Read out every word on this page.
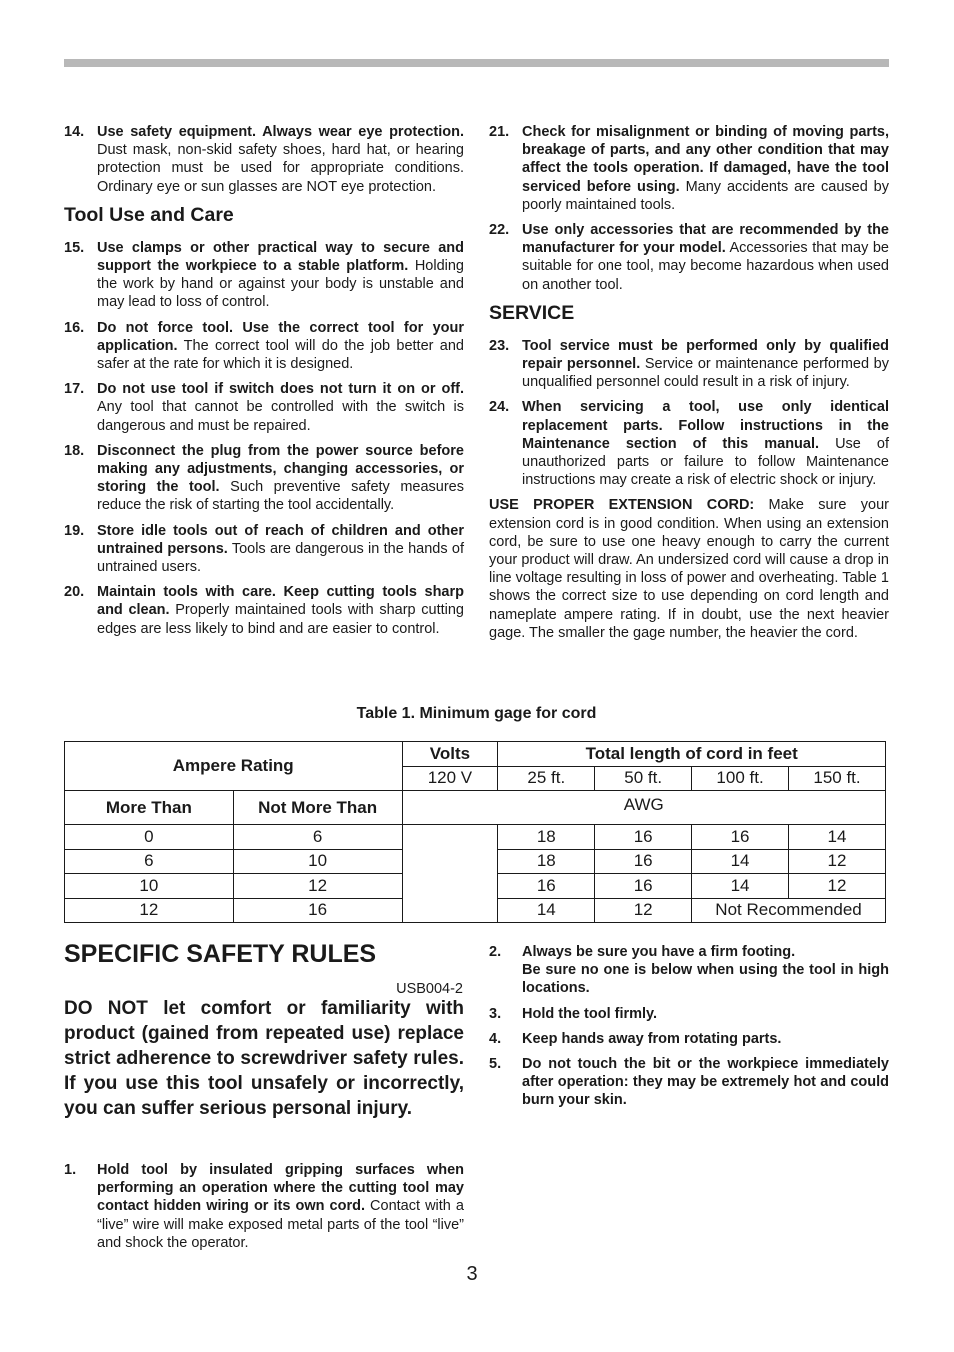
14. Use safety equipment. Always wear eye protection. Dust mask, non-skid safety shoes, hard hat, or hearing protection must be used for appropriate conditions. Ordinary eye or sun glasses are NOT eye protection.
Tool Use and Care
15. Use clamps or other practical way to secure and support the workpiece to a stable platform. Holding the work by hand or against your body is unstable and may lead to loss of control.
16. Do not force tool. Use the correct tool for your application. The correct tool will do the job better and safer at the rate for which it is designed.
17. Do not use tool if switch does not turn it on or off. Any tool that cannot be controlled with the switch is dangerous and must be repaired.
18. Disconnect the plug from the power source before making any adjustments, changing accessories, or storing the tool. Such preventive safety measures reduce the risk of starting the tool accidentally.
19. Store idle tools out of reach of children and other untrained persons. Tools are dangerous in the hands of untrained users.
20. Maintain tools with care. Keep cutting tools sharp and clean. Properly maintained tools with sharp cutting edges are less likely to bind and are easier to control.
21. Check for misalignment or binding of moving parts, breakage of parts, and any other condition that may affect the tools operation. If damaged, have the tool serviced before using. Many accidents are caused by poorly maintained tools.
22. Use only accessories that are recommended by the manufacturer for your model. Accessories that may be suitable for one tool, may become hazardous when used on another tool.
SERVICE
23. Tool service must be performed only by qualified repair personnel. Service or maintenance performed by unqualified personnel could result in a risk of injury.
24. When servicing a tool, use only identical replacement parts. Follow instructions in the Maintenance section of this manual. Use of unauthorized parts or failure to follow Maintenance instructions may create a risk of electric shock or injury.
USE PROPER EXTENSION CORD: Make sure your extension cord is in good condition. When using an extension cord, be sure to use one heavy enough to carry the current your product will draw. An undersized cord will cause a drop in line voltage resulting in loss of power and overheating. Table 1 shows the correct size to use depending on cord length and nameplate ampere rating. If in doubt, use the next heavier gage. The smaller the gage number, the heavier the cord.
Table 1. Minimum gage for cord
Ampere Rating		Volts	Total length of cord in feet			
		120 V	25 ft.	50 ft.	100 ft.	150 ft.
More Than	Not More Than	AWG				
0	6		18	16	16	14
6	10		18	16	14	12
10	12		16	16	14	12
12	16		14	12	Not Recommended	
SPECIFIC SAFETY RULES
USB004-2
DO NOT let comfort or familiarity with product (gained from repeated use) replace strict adherence to screwdriver safety rules. If you use this tool unsafely or incorrectly, you can suffer serious personal injury.
1.	Hold tool by insulated gripping surfaces when performing an operation where the cutting tool may contact hidden wiring or its own cord. Contact with a “live” wire will make exposed metal parts of the tool “live” and shock the operator.
2.	Always be sure you have a firm footing.
Be sure no one is below when using the tool in high locations.
3.	Hold the tool firmly.
4.	Keep hands away from rotating parts.
5.	Do not touch the bit or the workpiece immediately after operation: they may be extremely hot and could burn your skin.
3
